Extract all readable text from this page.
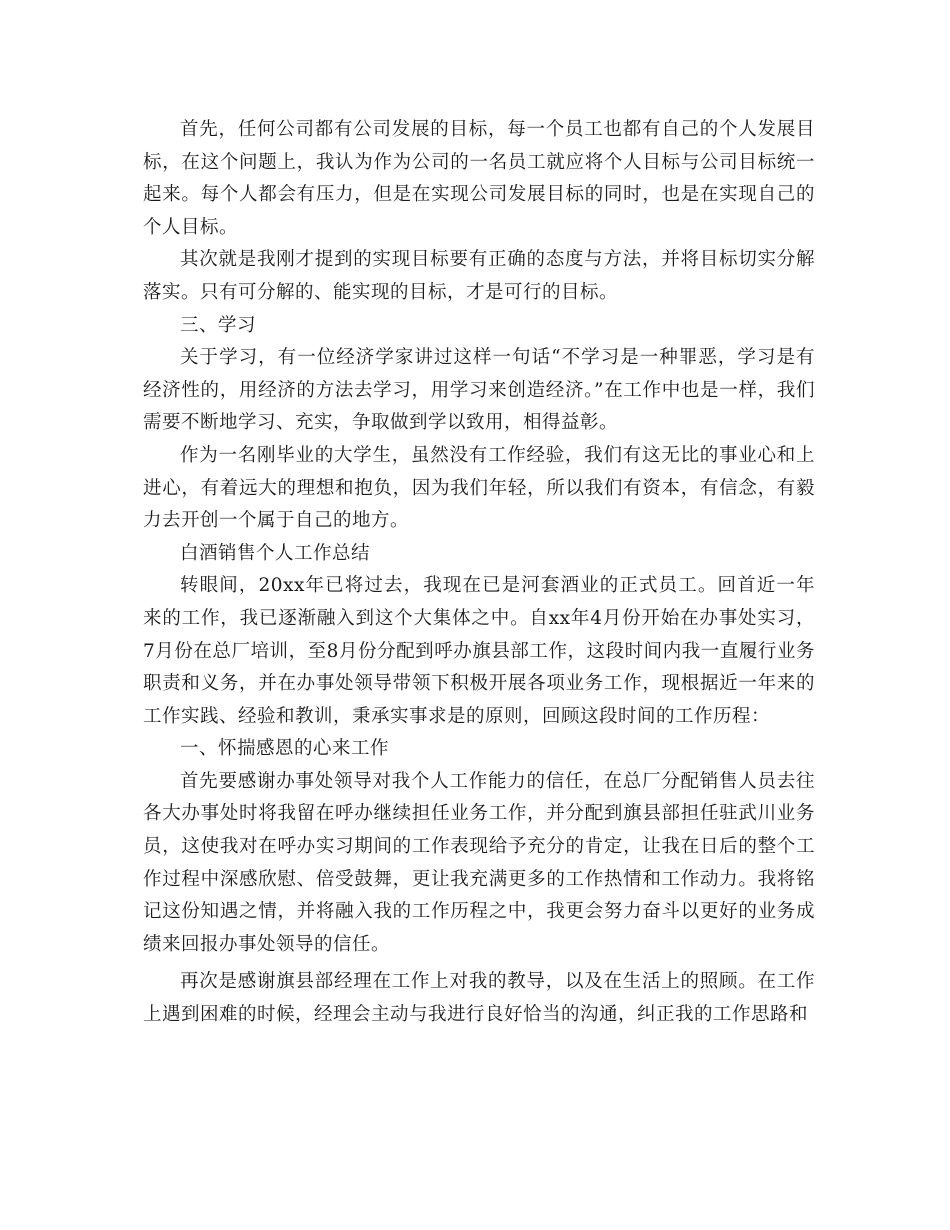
首先，任何公司都有公司发展的目标，每一个员工也都有自己的个人发展目标，在这个问题上，我认为作为公司的一名员工就应将个人目标与公司目标统一起来。每个人都会有压力，但是在实现公司发展目标的同时，也是在实现自己的个人目标。

其次就是我刚才提到的实现目标要有正确的态度与方法，并将目标切实分解落实。只有可分解的、能实现的目标，才是可行的目标。

三、学习

关于学习，有一位经济学家讲过这样一句话“不学习是一种罪恶，学习是有经济性的，用经济的方法去学习，用学习来创造经济。”在工作中也是一样，我们需要不断地学习、充实，争取做到学以致用，相得益彰。

作为一名刚毕业的大学生，虽然没有工作经验，我们有这无比的事业心和上进心，有着远大的理想和抱负，因为我们年轻，所以我们有资本，有信念，有毅力去开创一个属于自己的地方。

白酒销售个人工作总结

转眼间，20xx年已将过去，我现在已是河套酒业的正式员工。回首近一年来的工作，我已逐渐融入到这个大集体之中。自xx年4月份开始在办事处实习，7月份在总厂培训，至8月份分配到呼办旗县部工作，这段时间内我一直履行业务职责和义务，并在办事处领导带领下积极开展各项业务工作，现根据近一年来的工作实践、经验和教训，秉承实事求是的原则，回顾这段时间的工作历程：

一、怀揣感恩的心来工作

首先要感谢办事处领导对我个人工作能力的信任，在总厂分配销售人员去往各大办事处时将我留在呼办继续担任业务工作，并分配到旗县部担任驻武川业务员，这使我对在呼办实习期间的工作表现给予充分的肯定，让我在日后的整个工作过程中深感欣慰、倍受鼓舞，更让我充满更多的工作热情和工作动力。我将铭记这份知遇之情，并将融入我的工作历程之中，我更会努力奋斗以更好的业务成绩来回报办事处领导的信任。

再次是感谢旗县部经理在工作上对我的教导，以及在生活上的照顾。在工作上遇到困难的时候，经理会主动与我进行良好恰当的沟通，纠正我的工作思路和
